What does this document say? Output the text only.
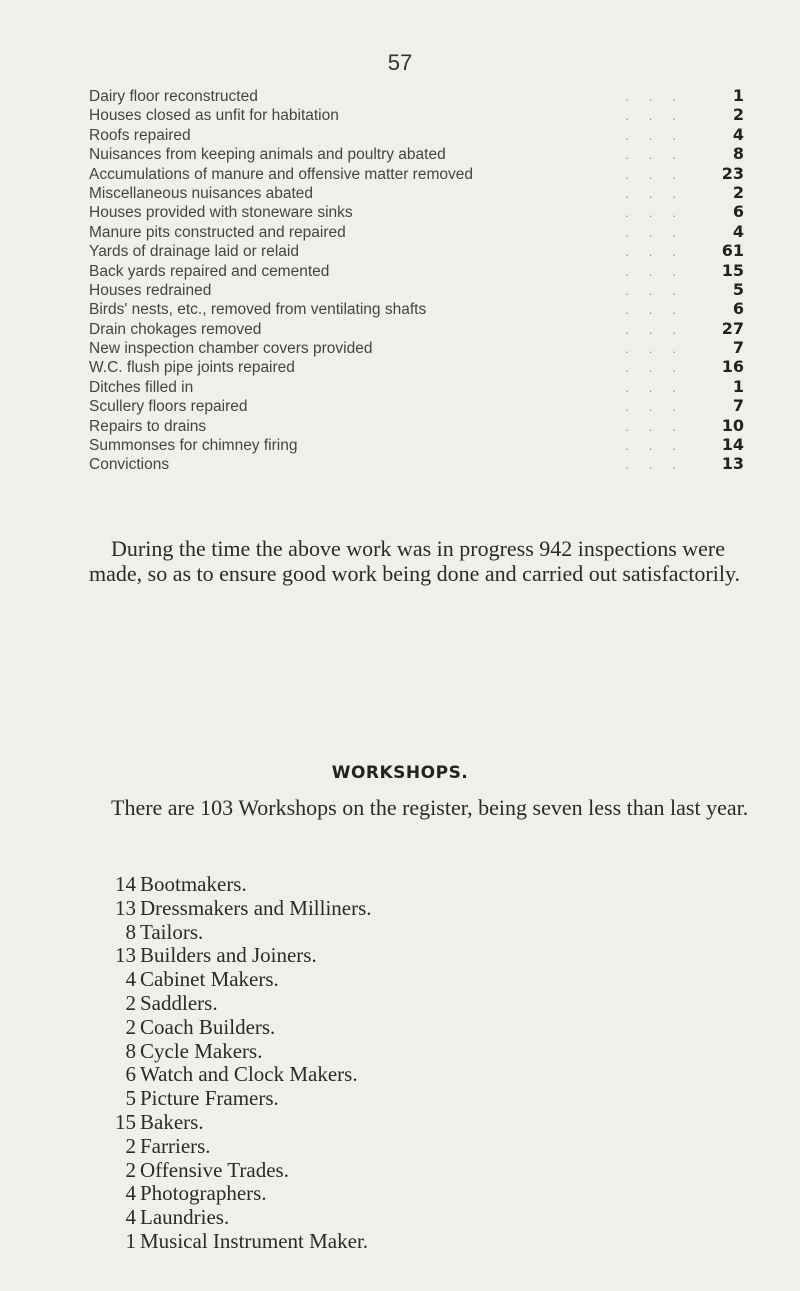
57
Dairy floor reconstructed	...	1
Houses closed as unfit for habitation	...	2
Roofs repaired	...	4
Nuisances from keeping animals and poultry abated	...	8
Accumulations of manure and offensive matter removed	...	23
Miscellaneous nuisances abated	...	2
Houses provided with stoneware sinks	...	6
Manure pits constructed and repaired	...	4
Yards of drainage laid or relaid	...	61
Back yards repaired and cemented	...	15
Houses redrained	...	5
Birds' nests, etc., removed from ventilating shafts	...	6
Drain chokages removed	...	27
New inspection chamber covers provided	...	7
W.C. flush pipe joints repaired	...	16
Ditches filled in	...	1
Scullery floors repaired	...	7
Repairs to drains	...	10
Summonses for chimney firing	...	14
Convictions	...	13

During the time the above work was in progress 942 inspections were made, so as to ensure good work being done and carried out satisfactorily.

WORKSHOPS.

There are 103 Workshops on the register, being seven less than last year.

14 Bootmakers.
13 Dressmakers and Milliners.
8 Tailors.
13 Builders and Joiners.
4 Cabinet Makers.
2 Saddlers.
2 Coach Builders.
8 Cycle Makers.
6 Watch and Clock Makers.
5 Picture Framers.
15 Bakers.
2 Farriers.
2 Offensive Trades.
4 Photographers.
4 Laundries.
1 Musical Instrument Maker.
